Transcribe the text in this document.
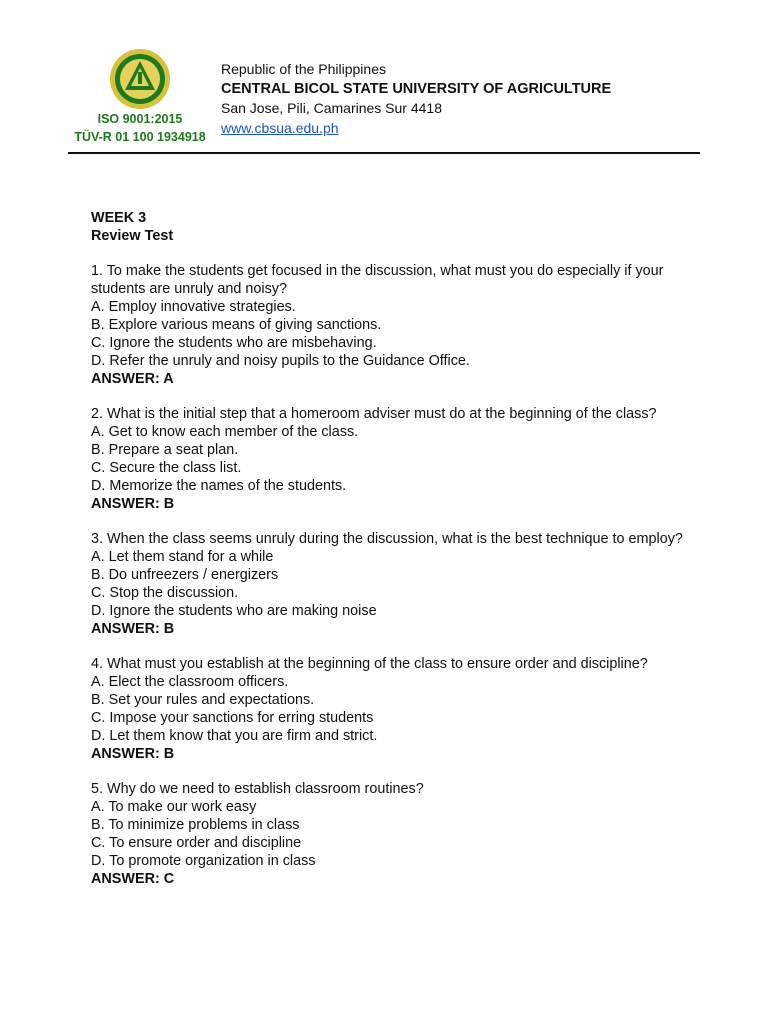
ISO 9001:2015
TÜV-R 01 100 1934918
Republic of the Philippines
CENTRAL BICOL STATE UNIVERSITY OF AGRICULTURE
San Jose, Pili, Camarines Sur 4418
www.cbsua.edu.ph
WEEK 3
Review Test
1. To make the students get focused in the discussion, what must you do especially if your students are unruly and noisy?
A. Employ innovative strategies.
B. Explore various means of giving sanctions.
C. Ignore the students who are misbehaving.
D. Refer the unruly and noisy pupils to the Guidance Office.
ANSWER: A
2. What is the initial step that a homeroom adviser must do at the beginning of the class?
A. Get to know each member of the class.
B. Prepare a seat plan.
C. Secure the class list.
D. Memorize the names of the students.
ANSWER: B
3. When the class seems unruly during the discussion, what is the best technique to employ?
A. Let them stand for a while
B. Do unfreezers / energizers
C. Stop the discussion.
D. Ignore the students who are making noise
ANSWER: B
4. What must you establish at the beginning of the class to ensure order and discipline?
A. Elect the classroom officers.
B. Set your rules and expectations.
C. Impose your sanctions for erring students
D. Let them know that you are firm and strict.
ANSWER: B
5. Why do we need to establish classroom routines?
A. To make our work easy
B. To minimize problems in class
C. To ensure order and discipline
D. To promote organization in class
ANSWER: C
